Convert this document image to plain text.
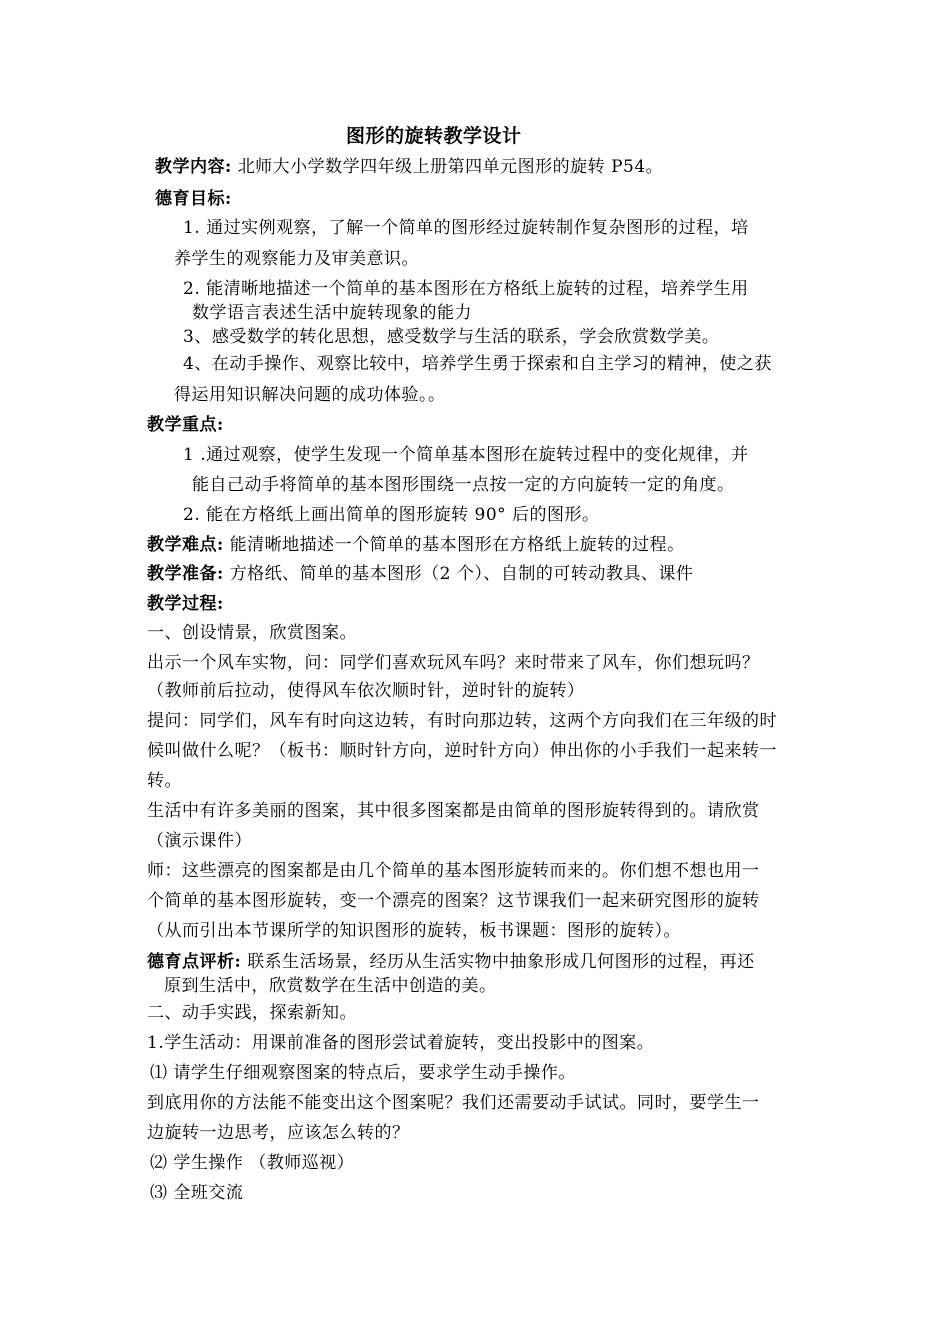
图形的旋转教学设计
教学内容: 北师大小学数学四年级上册第四单元图形的旋转 P54。
德育目标:
1. 通过实例观察，了解一个简单的图形经过旋转制作复杂图形的过程，培
养学生的观察能力及审美意识。
2. 能清晰地描述一个简单的基本图形在方格纸上旋转的过程，培养学生用
数学语言表述生活中旋转现象的能力
3、感受数学的转化思想，感受数学与生活的联系，学会欣赏数学美。
4、在动手操作、观察比较中，培养学生勇于探索和自主学习的精神，使之获
得运用知识解决问题的成功体验。。
教学重点:
1 .通过观察，使学生发现一个简单基本图形在旋转过程中的变化规律，并
能自己动手将简单的基本图形围绕一点按一定的方向旋转一定的角度。
2. 能在方格纸上画出简单的图形旋转 90° 后的图形。
教学难点: 能清晰地描述一个简单的基本图形在方格纸上旋转的过程。
教学准备: 方格纸、简单的基本图形（2 个）、自制的可转动教具、课件
教学过程:
一、创设情景，欣赏图案。
出示一个风车实物，问：同学们喜欢玩风车吗？来时带来了风车，你们想玩吗？
（教师前后拉动，使得风车依次顺时针，逆时针的旋转）
提问：同学们，风车有时向这边转，有时向那边转，这两个方向我们在三年级的时
候叫做什么呢？（板书：顺时针方向，逆时针方向）伸出你的小手我们一起来转一
转。
生活中有许多美丽的图案，其中很多图案都是由简单的图形旋转得到的。请欣赏
（演示课件）
师：这些漂亮的图案都是由几个简单的基本图形旋转而来的。你们想不想也用一
个简单的基本图形旋转，变一个漂亮的图案？这节课我们一起来研究图形的旋转
（从而引出本节课所学的知识图形的旋转，板书课题：图形的旋转）。
德育点评析: 联系生活场景，经历从生活实物中抽象形成几何图形的过程，再还
原到生活中，欣赏数学在生活中创造的美。
二、动手实践，探索新知。
1.学生活动：用课前准备的图形尝试着旋转，变出投影中的图案。
⑴ 请学生仔细观察图案的特点后，要求学生动手操作。
到底用你的方法能不能变出这个图案呢？我们还需要动手试试。同时，要学生一
边旋转一边思考，应该怎么转的？
⑵ 学生操作 （教师巡视）
⑶ 全班交流
